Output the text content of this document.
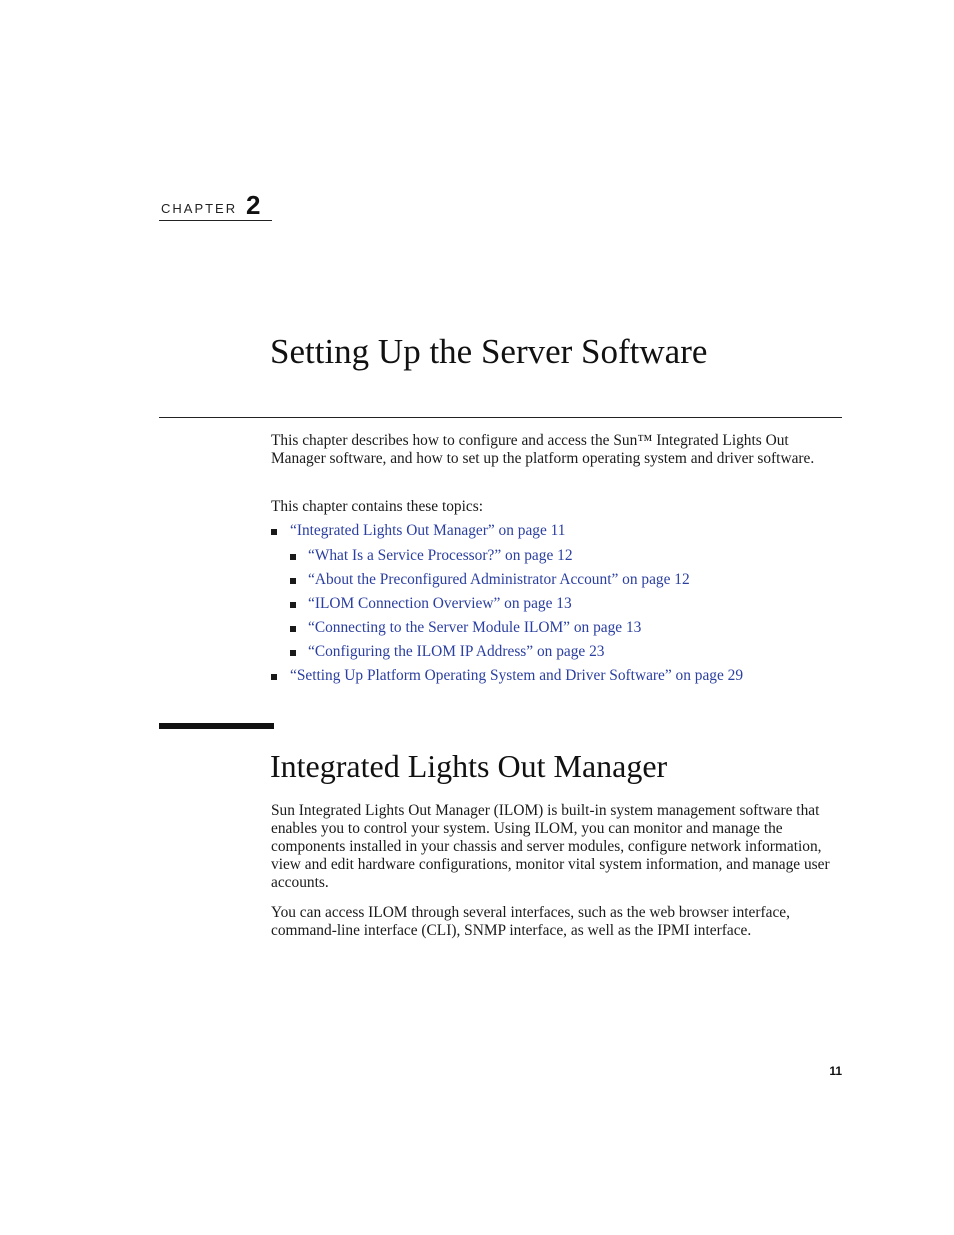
CHAPTER 2
Setting Up the Server Software

This chapter describes how to configure and access the Sun™ Integrated Lights Out Manager software, and how to set up the platform operating system and driver software.

This chapter contains these topics:

“Integrated Lights Out Manager” on page 11
“What Is a Service Processor?” on page 12
“About the Preconfigured Administrator Account” on page 12
“ILOM Connection Overview” on page 13
“Connecting to the Server Module ILOM” on page 13
“Configuring the ILOM IP Address” on page 23
“Setting Up Platform Operating System and Driver Software” on page 29
Integrated Lights Out Manager

Sun Integrated Lights Out Manager (ILOM) is built-in system management software that enables you to control your system. Using ILOM, you can monitor and manage the components installed in your chassis and server modules, configure network information, view and edit hardware configurations, monitor vital system information, and manage user accounts.

You can access ILOM through several interfaces, such as the web browser interface, command-line interface (CLI), SNMP interface, as well as the IPMI interface.

11
